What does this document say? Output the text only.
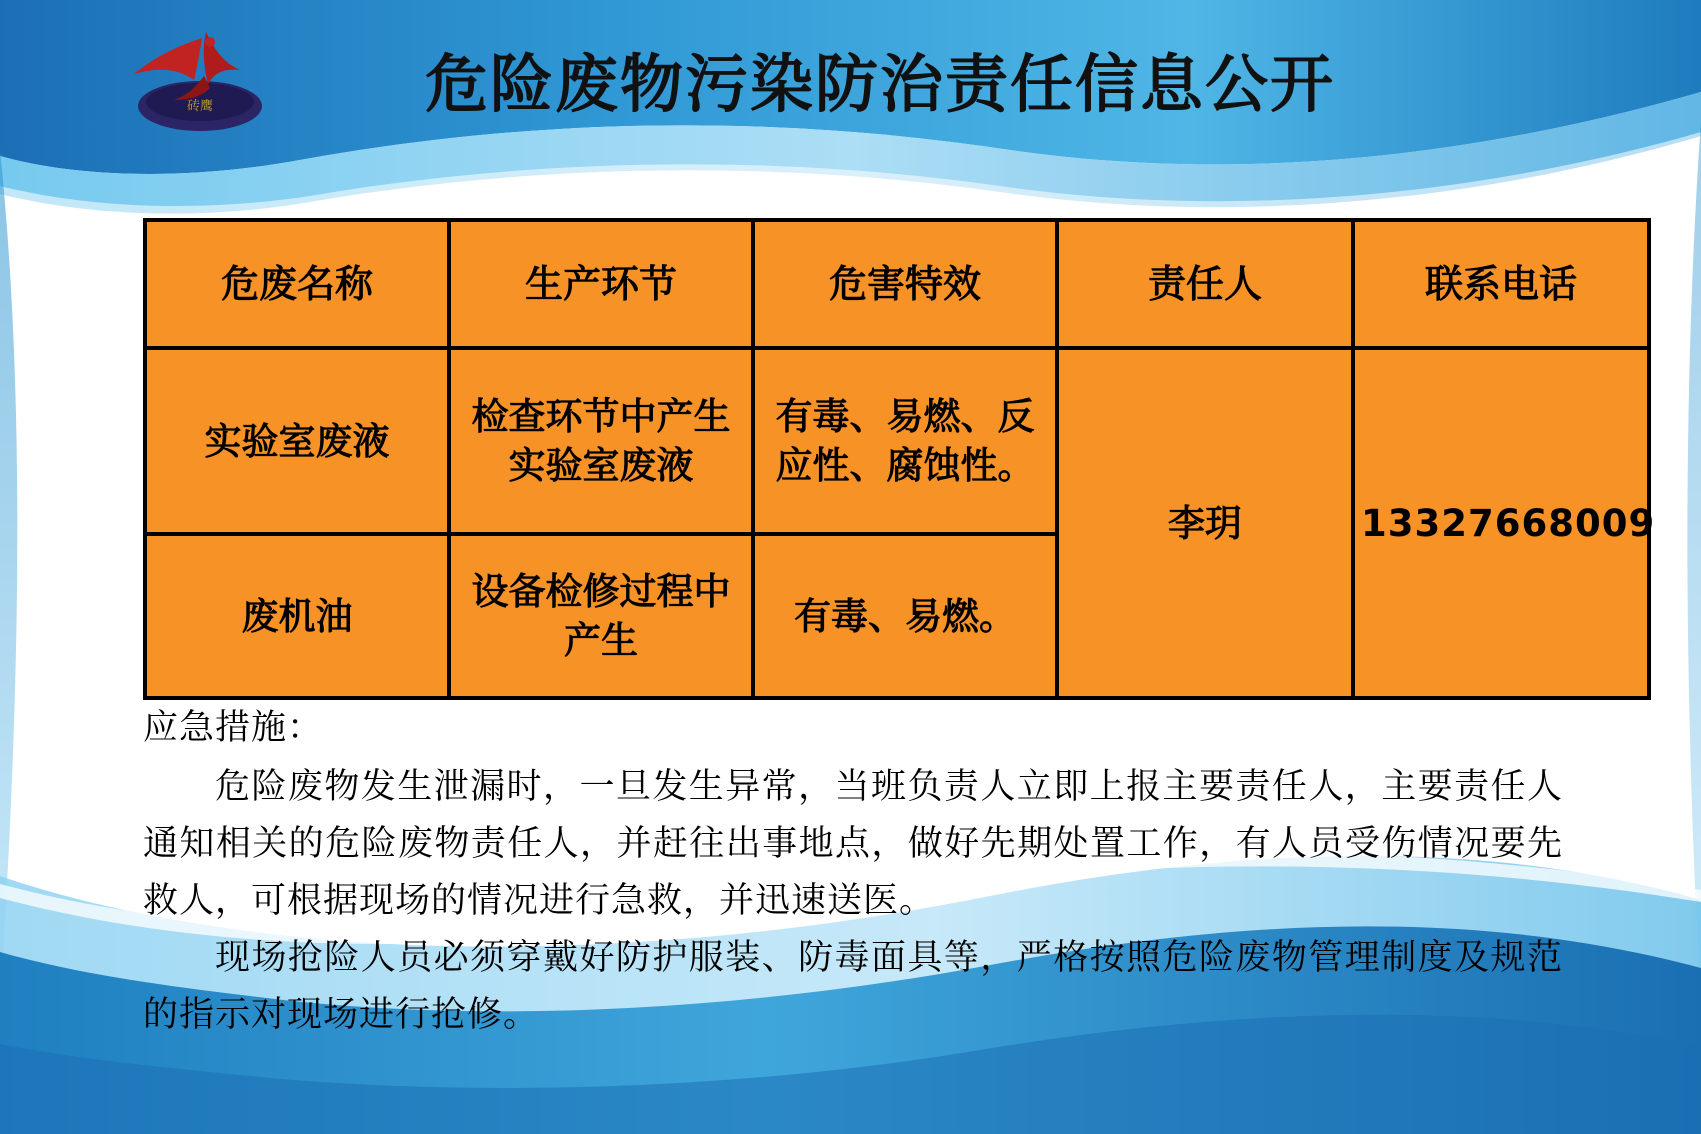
砖鹰	危险废物污染防治责任信息公开
危废名称	生产环节	危害特效	责任人	联系电话
实验室废液	检查环节中产生实验室废液	有毒、易燃、反应性、腐蚀性。	李玥	13327668009
废机油	设备检修过程中产生	有毒、易燃。		
应急措施：

危险废物发生泄漏时，一旦发生异常，当班负责人立即上报主要责任人，主要责任人通知相关的危险废物责任人，并赶往出事地点，做好先期处置工作，有人员受伤情况要先救人，可根据现场的情况进行急救，并迅速送医。

现场抢险人员必须穿戴好防护服装、防毒面具等，严格按照危险废物管理制度及规范的指示对现场进行抢修。
